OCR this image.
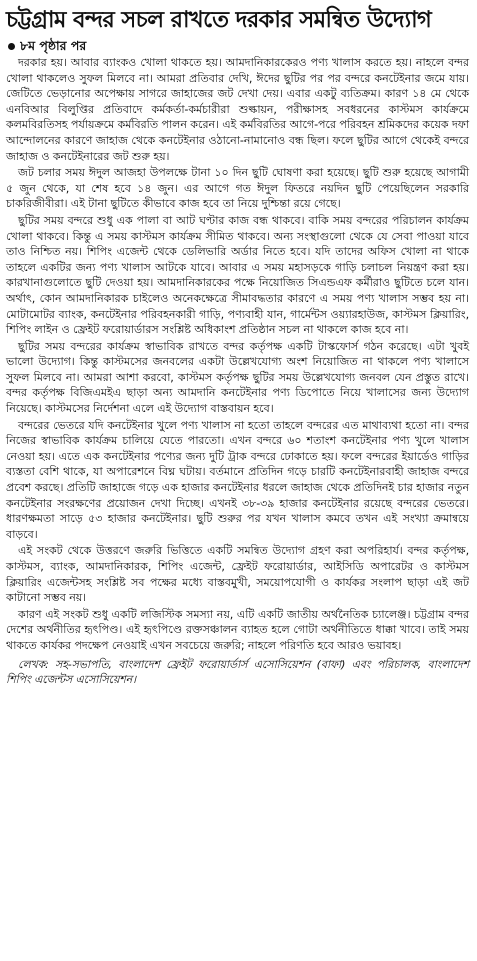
চট্টগ্রাম বন্দর সচল রাখতে দরকার সমন্বিত উদ্যোগ
৮ম পৃষ্ঠার পর

দরকার হয়। আবার ব্যাংকও খোলা থাকতে হয়। আমদানিকারকেরও পণ্য খালাস করতে হয়। নাহলে বন্দর খোলা থাকলেও সুফল মিলবে না। আমরা প্রতিবার দেখি, ঈদের ছুটির পর পর বন্দরে কনটেইনার জমে যায়। জেটিতে ভেড়ানোর অপেক্ষায় সাগরে জাহাজের জট দেখা দেয়। এবার একটু ব্যতিক্রম। কারণ ১৪ মে থেকে এনবিআর বিলুপ্তির প্রতিবাদে কর্মকর্তা-কর্মচারীরা শুল্কায়ন, পরীক্ষাসহ সবধরনের কাস্টমস কার্যক্রমে কলমবিরতিসহ পর্যায়ক্রমে কর্মবিরতি পালন করেন। এই কর্মবিরতির আগে-পরে পরিবহন শ্রমিকদের কয়েক দফা আন্দোলনের কারণে জাহাজ থেকে কনটেইনার ওঠানো-নামানোও বন্ধ ছিল। ফলে ছুটির আগে থেকেই বন্দরে জাহাজ ও কনটেইনারের জট শুরু হয়।

জট চলার সময় ঈদুল আজহা উপলক্ষে টানা ১০ দিন ছুটি ঘোষণা করা হয়েছে। ছুটি শুরু হয়েছে আগামী ৫ জুন থেকে, যা শেষ হবে ১৪ জুন। এর আগে গত ঈদুল ফিতরে নয়দিন ছুটি পেয়েছিলেন সরকারি চাকরিজীবীরা। এই টানা ছুটিতে কীভাবে কাজ হবে তা নিয়ে দুশ্চিন্তা রয়ে গেছে।

ছুটির সময় বন্দরে শুধু এক পালা বা আট ঘণ্টার কাজ বন্ধ থাকবে। বাকি সময় বন্দরের পরিচালন কার্যক্রম খোলা থাকবে। কিন্তু এ সময় কাস্টমস কার্যক্রম সীমিত থাকবে। অন্য সংস্থাগুলো থেকে যে সেবা পাওয়া যাবে তাও নিশ্চিত নয়। শিপিং এজেন্ট থেকে ডেলিভারি অর্ডার নিতে হবে। যদি তাদের অফিস খোলা না থাকে তাহলে একটির জন্য পণ্য খালাস আটকে যাবে। আবার এ সময় মহাসড়কে গাড়ি চলাচল নিয়ন্ত্রণ করা হয়। কারখানাগুলোতে ছুটি দেওয়া হয়। আমদানিকারকের পক্ষে নিয়োজিত সিএন্ডএফ কর্মীরাও ছুটিতে চলে যান। অর্থাৎ, কোন আমদানিকারক চাইলেও অনেকক্ষেত্রে সীমাবদ্ধতার কারণে এ সময় পণ্য খালাস সম্ভব হয় না। মোটামোটর ব্যাংক, কনটেইনার পরিবহনকারী গাড়ি, পণ্যবাহী যান, গার্মেন্টস ওয়্যারহাউজ, কাস্টমস ক্লিয়ারিং, শিপিং লাইন ও ফ্রেইট ফরোয়ার্ডারস সংশ্লিষ্ট অধিকাংশ প্রতিষ্ঠান সচল না থাকলে কাজ হবে না।

ছুটির সময় বন্দরের কার্যক্রম স্বাভাবিক রাখতে বন্দর কর্তৃপক্ষ একটি টাস্কফোর্স গঠন করেছে। এটা খুবই ভালো উদ্যোগ। কিন্তু কাস্টমসের জনবলের একটা উল্লেখযোগ্য অংশ নিয়োজিত না থাকলে পণ্য খালাসে সুফল মিলবে না। আমরা আশা করবো, কাস্টমস কর্তৃপক্ষ ছুটির সময় উল্লেখযোগ্য জনবল যেন প্রস্তুত রাখে। বন্দর কর্তৃপক্ষ বিজিএমইএ ছাড়া অন্য আমদানি কনটেইনার পণ্য ডিপোতে নিয়ে খালাসের জন্য উদ্যোগ নিয়েছে। কাস্টমসের নির্দেশনা এলে এই উদ্যোগ বাস্তবায়ন হবে।

বন্দরের ভেতরে যদি কনটেইনার খুলে পণ্য খালাস না হতো তাহলে বন্দরের এত মাথাব্যথা হতো না। বন্দর নিজের স্বাভাবিক কার্যক্রম চালিয়ে যেতে পারতো। এখন বন্দরে ৬০ শতাংশ কনটেইনার পণ্য খুলে খালাস নেওয়া হয়। এতে এক কনটেইনার পণ্যের জন্য দুটি ট্রাক বন্দরে ঢোকাতে হয়। ফলে বন্দরের ইয়ার্ডেও গাড়ির ব্যস্ততা বেশি থাকে, যা অপারেশনে বিঘ্ন ঘটায়। বর্তমানে প্রতিদিন গড়ে চারটি কনটেইনারবাহী জাহাজ বন্দরে প্রবেশ করছে। প্রতিটি জাহাজে গড়ে এক হাজার কনটেইনার ধরলে জাহাজ থেকে প্রতিদিনই চার হাজার নতুন কনটেইনার সংরক্ষণের প্রয়োজন দেখা দিচ্ছে। এখনই ৩৮-৩৯ হাজার কনটেইনার রয়েছে বন্দরের ভেতরে। ধারণক্ষমতা সাড়ে ৫৩ হাজার কনটেইনার। ছুটি শুরুর পর যখন খালাস কমবে তখন এই সংখ্যা ক্রমান্বয়ে বাড়বে।

এই সংকট থেকে উত্তরণে জরুরি ভিত্তিতে একটি সমন্বিত উদ্যোগ গ্রহণ করা অপরিহার্য। বন্দর কর্তৃপক্ষ, কাস্টমস, ব্যাংক, আমদানিকারক, শিপিং এজেন্ট, ফ্রেইট ফরোয়ার্ডার, আইসিডি অপারেটর ও কাস্টমস ক্লিয়ারিং এজেন্টসহ সংশ্লিষ্ট সব পক্ষের মধ্যে বাস্তবমুখী, সময়োপযোগী ও কার্যকর সংলাপ ছাড়া এই জট কাটানো সম্ভব নয়।

কারণ এই সংকট শুধু একটি লজিস্টিক সমস্যা নয়, এটি একটি জাতীয় অর্থনৈতিক চ্যালেঞ্জ। চট্টগ্রাম বন্দর দেশের অর্থনীতির হৃৎপিণ্ড। এই হৃৎপিণ্ডে রক্তসঞ্চালন ব্যাহত হলে গোটা অর্থনীতিতে ধাক্কা খাবে। তাই সময় থাকতে কার্যকর পদক্ষেপ নেওয়াই এখন সবচেয়ে জরুরি; নাহলে পরিণতি হবে আরও ভয়াবহ।

লেখক: সহ-সভাপতি, বাংলাদেশ ফ্রেইট ফরোয়ার্ডার্স এসোসিয়েশন (বাফা) এবং পরিচালক, বাংলাদেশ শিপিং এজেন্টস এসোসিয়েশন।
